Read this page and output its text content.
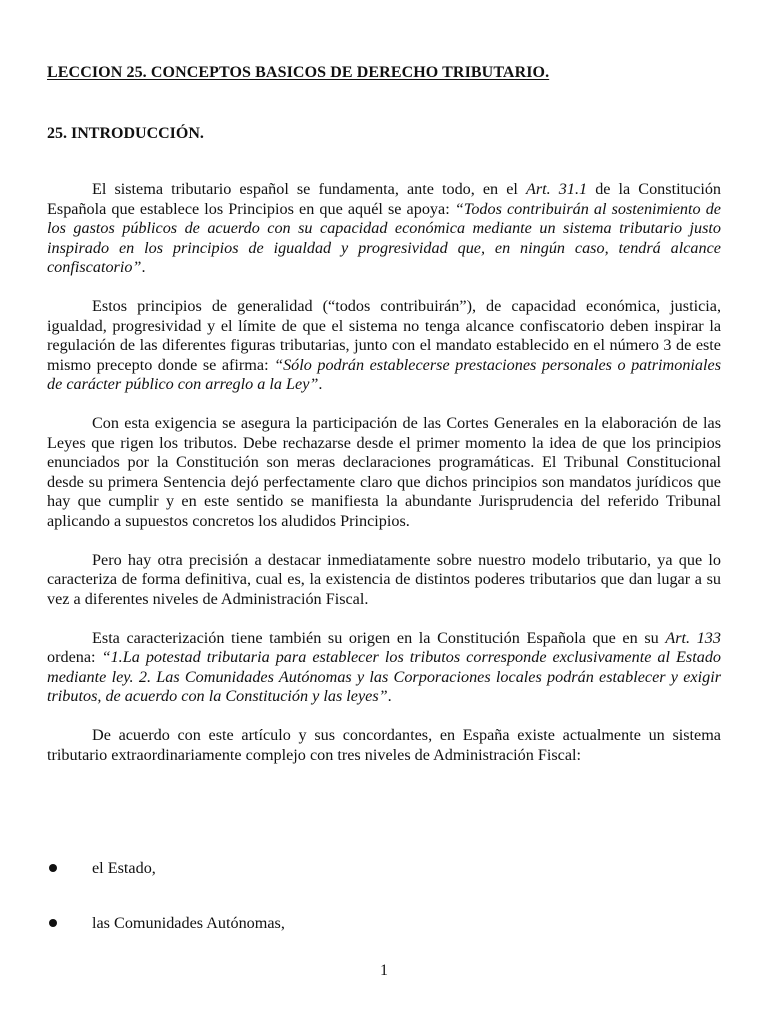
LECCION 25. CONCEPTOS BASICOS DE DERECHO TRIBUTARIO.
25. INTRODUCCIÓN.

El sistema tributario español se fundamenta, ante todo, en el Art. 31.1 de la Constitución Española que establece los Principios en que aquél se apoya: “Todos contribuirán al sostenimiento de los gastos públicos de acuerdo con su capacidad económica mediante un sistema tributario justo inspirado en los principios de igualdad y progresividad que, en ningún caso, tendrá alcance confiscatorio”.

Estos principios de generalidad (“todos contribuirán”), de capacidad económica, justicia, igualdad, progresividad y el límite de que el sistema no tenga alcance confiscatorio deben inspirar la regulación de las diferentes figuras tributarias, junto con el mandato establecido en el número 3 de este mismo precepto donde se afirma: “Sólo podrán establecerse prestaciones personales o patrimoniales de carácter público con arreglo a la Ley”.

Con esta exigencia se asegura la participación de las Cortes Generales en la elaboración de las Leyes que rigen los tributos. Debe rechazarse desde el primer momento la idea de que los principios enunciados por la Constitución son meras declaraciones programáticas. El Tribunal Constitucional desde su primera Sentencia dejó perfectamente claro que dichos principios son mandatos jurídicos que hay que cumplir y en este sentido se manifiesta la abundante Jurisprudencia del referido Tribunal aplicando a supuestos concretos los aludidos Principios.

Pero hay otra precisión a destacar inmediatamente sobre nuestro modelo tributario, ya que lo caracteriza de forma definitiva, cual es, la existencia de distintos poderes tributarios que dan lugar a su vez a diferentes niveles de Administración Fiscal.

Esta caracterización tiene también su origen en la Constitución Española que en su Art. 133 ordena: “1.La potestad tributaria para establecer los tributos corresponde exclusivamente al Estado mediante ley. 2. Las Comunidades Autónomas y las Corporaciones locales podrán establecer y exigir tributos, de acuerdo con la Constitución y las leyes”.

De acuerdo con este artículo y sus concordantes, en España existe actualmente un sistema tributario extraordinariamente complejo con tres niveles de Administración Fiscal:

el Estado,
las Comunidades Autónomas,
1
